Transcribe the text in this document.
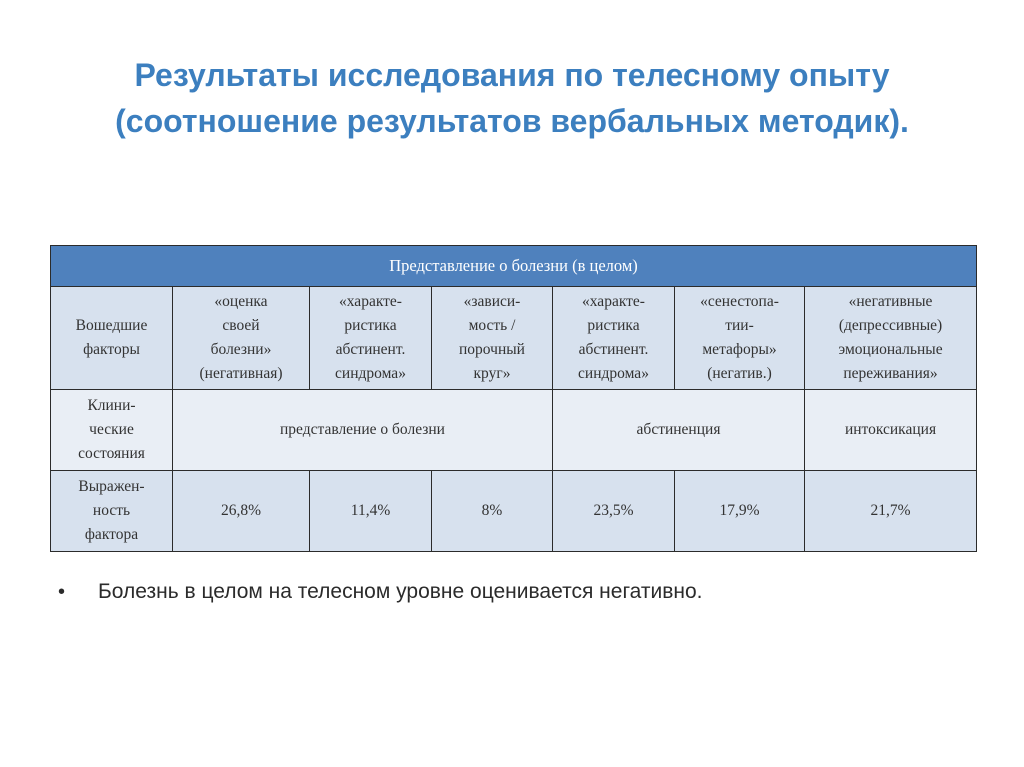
Результаты исследования по телесному опыту
(соотношение результатов вербальных методик).
Представление о болезни (в целом)						
Вошедшие
факторы	«оценка
своей
болезни»
(негативная)	«характе-
ристика
абстинент.
синдрома»	«зависи-
мость /
порочный
круг»	«характе-
ристика
абстинент.
синдрома»	«сенестопа-
тии-
метафоры»
(негатив.)	«негативные
(депрессивные)
эмоциональные
переживания»
Клини-
ческие
состояния	представление о болезни			абстиненция		интоксикация
Выражен-
ность
фактора	26,8%	11,4%	8%	23,5%	17,9%	21,7%

• Болезнь в целом на телесном уровне оценивается негативно.
